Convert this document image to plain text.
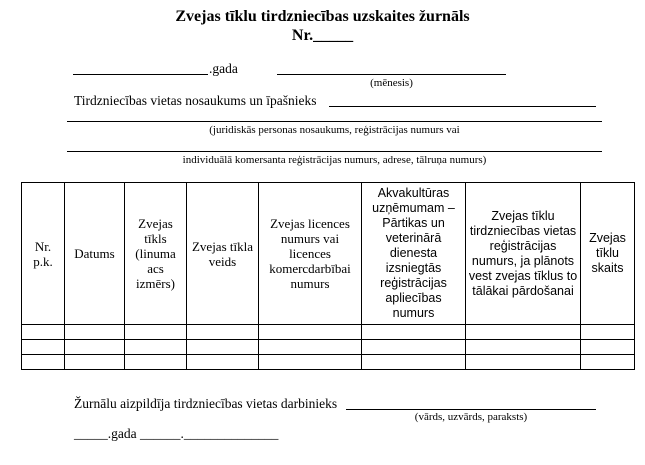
Zvejas tīklu tirdzniecības uzskaites žurnāls
Nr._____
.gada
(mēnesis)
Tirdzniecības vietas nosaukums un īpašnieks
(juridiskās personas nosaukums, reģistrācijas numurs vai
individuālā komersanta reģistrācijas numurs, adrese, tālruņa numurs)
Nr. p.k.	Datums	Zvejas tīkls (linuma acs izmērs)	Zvejas tīkla veids	Zvejas licences numurs vai licences komercdarbībai numurs	Akvakultūras uzņēmumam – Pārtikas un veterinārā dienesta izsniegtās reģistrācijas apliecības numurs	Zvejas tīklu tirdzniecības vietas reģistrācijas numurs, ja plānots vest zvejas tīklus to tālākai pārdošanai	Zvejas tīklu skaits

Žurnālu aizpildīja tirdzniecības vietas darbinieks
(vārds, uzvārds, paraksts)
_____.gada ______.______________
